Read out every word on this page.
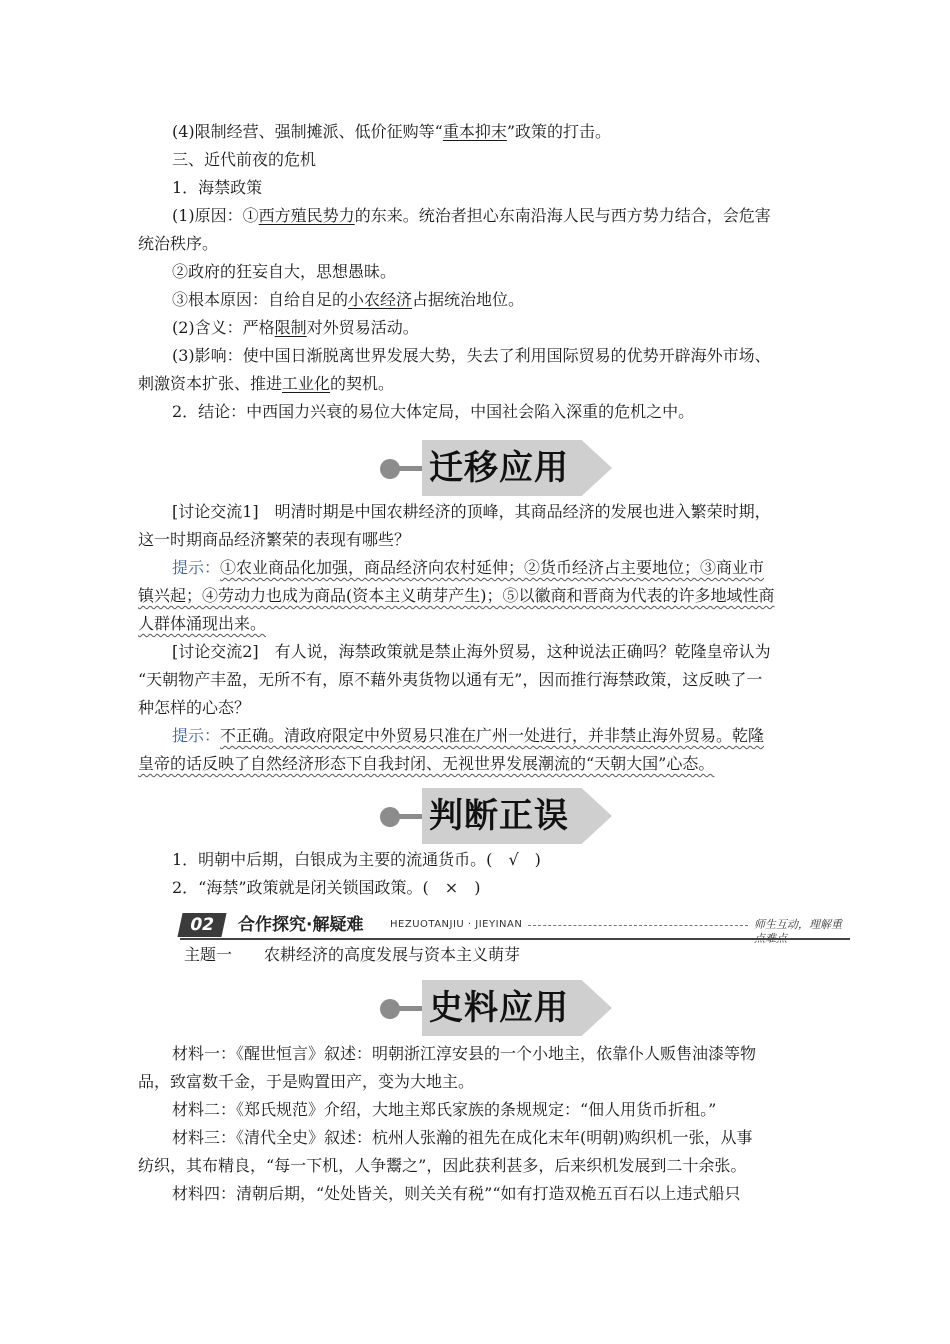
(4)限制经营、强制摊派、低价征购等“重本抑末”政策的打击。
三、近代前夜的危机
1．海禁政策
(1)原因：①西方殖民势力的东来。统治者担心东南沿海人民与西方势力结合，会危害
统治秩序。
②政府的狂妄自大，思想愚昧。
③根本原因：自给自足的小农经济占据统治地位。
(2)含义：严格限制对外贸易活动。
(3)影响：使中国日渐脱离世界发展大势，失去了利用国际贸易的优势开辟海外市场、
刺激资本扩张、推进工业化的契机。
2．结论：中西国力兴衰的易位大体定局，中国社会陷入深重的危机之中。
迁移应用
[讨论交流1]　明清时期是中国农耕经济的顶峰，其商品经济的发展也进入繁荣时期，
这一时期商品经济繁荣的表现有哪些？
提示：①农业商品化加强，商品经济向农村延伸；②货币经济占主要地位；③商业市
镇兴起；④劳动力也成为商品(资本主义萌芽产生)；⑤以徽商和晋商为代表的许多地域性商
人群体涌现出来。
[讨论交流2]　有人说，海禁政策就是禁止海外贸易，这种说法正确吗？乾隆皇帝认为
“天朝物产丰盈，无所不有，原不藉外夷货物以通有无”，因而推行海禁政策，这反映了一
种怎样的心态？
提示：不正确。清政府限定中外贸易只准在广州一处进行，并非禁止海外贸易。乾隆
皇帝的话反映了自然经济形态下自我封闭、无视世界发展潮流的“天朝大国”心态。
判断正误
1．明朝中后期，白银成为主要的流通货币。(　√　)
2．“海禁”政策就是闭关锁国政策。(　×　)
02	合作探究·解疑难	HEZUOTANJIU · JIEYINAN	师生互动，理解重点难点
主题一　　农耕经济的高度发展与资本主义萌芽
史料应用
材料一：《醒世恒言》叙述：明朝浙江淳安县的一个小地主，依靠仆人贩售油漆等物
品，致富数千金，于是购置田产，变为大地主。
材料二：《郑氏规范》介绍，大地主郑氏家族的条规规定：“佃人用货币折租。”
材料三：《清代全史》叙述：杭州人张瀚的祖先在成化末年(明朝)购织机一张，从事
纺织，其布精良，“每一下机，人争鬻之”，因此获利甚多，后来织机发展到二十余张。
材料四：清朝后期，“处处皆关，则关关有税”“如有打造双桅五百石以上违式船只
